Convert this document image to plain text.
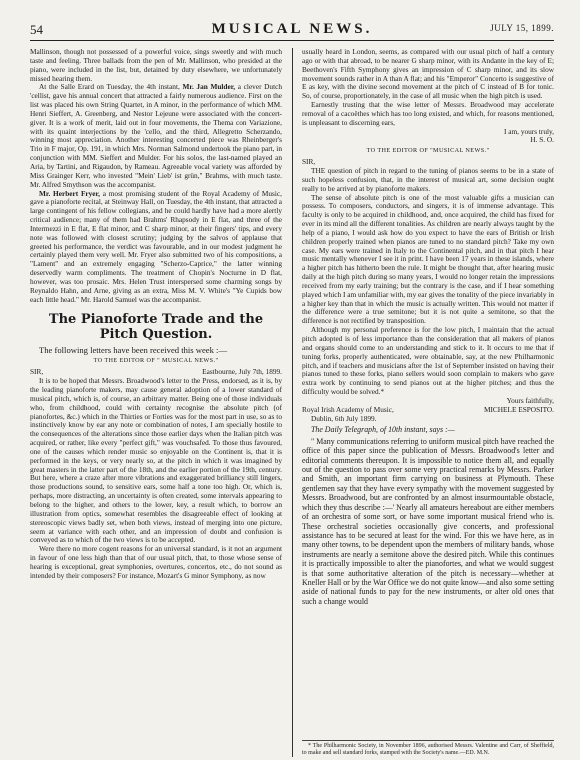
54	MUSICAL NEWS.	JULY 15, 1899.

Mallinson, though not possessed of a powerful voice, sings sweetly and with much taste and feeling. Three ballads from the pen of Mr. Mallinson, who presided at the piano, were included in the list, but, detained by duty elsewhere, we unfortunately missed hearing them.

At the Salle Erard on Tuesday, the 4th instant, Mr. Jan Mulder, a clever Dutch 'cellist, gave his annual concert that attracted a fairly numerous audience. First on the list was placed his own String Quartet, in A minor, in the performance of which MM. Henri Sieffert, A. Greenberg, and Nestor Lejeune were associated with the concert-giver. It is a work of merit, laid out in four movements, the Thema con Variazione, with its quaint interjections by the 'cello, and the third, Allegretto Scherzando, winning most appreciation. Another interesting concerted piece was Rheinberger's Trio in F major, Op. 191, in which Mrs. Norman Salmond undertook the piano part, in conjunction with MM. Sieffert and Mulder. For his solos, the last-named played an Aria, by Tartini, and Rigaudon, by Rameau. Agreeable vocal variety was afforded by Miss Grainger Kerr, who invested "Mein' Lieb' ist grün," Brahms, with much taste. Mr. Alfred Smythson was the accompanist.

Mr. Herbert Fryer, a most promising student of the Royal Academy of Music, gave a pianoforte recital, at Steinway Hall, on Tuesday, the 4th instant, that attracted a large contingent of his fellow collegians, and he could hardly have had a more alertly critical audience; many of them had Brahms' Rhapsody in E flat, and three of the Intermezzi in E flat, E flat minor, and C sharp minor, at their fingers' tips, and every note was followed with closest scrutiny; judging by the salvos of applause that greeted his performance, the verdict was favourable, and in our modest judgment he certainly played them very well. Mr. Fryer also submitted two of his compositions, a "Lament" and an extremely engaging "Scherzo-Caprice," the latter winning deservedly warm compliments. The treatment of Chopin's Nocturne in D flat, however, was too prosaic. Mrs. Helen Trust interspersed some charming songs by Reynaldo Hahn, and Arne, giving as an extra, Miss M. V. White's "Ye Cupids bow each little head." Mr. Harold Samuel was the accompanist.

The Pianoforte Trade and the Pitch Question.

The following letters have been received this week :—

TO THE EDITOR OF " MUSICAL NEWS."
SIR,	Eastbourne, July 7th, 1899.

It is to be hoped that Messrs. Broadwood's letter to the Press, endorsed, as it is, by the leading pianoforte makers, may cause general adoption of a lower standard of musical pitch, which is, of course, an arbitrary matter. Being one of those individuals who, from childhood, could with certainty recognise the absolute pitch (of pianofortes, &c.) which in the Thirties or Forties was for the most part in use, so as to instinctively know by ear any note or combination of notes, I am specially hostile to the consequences of the alterations since those earlier days when the Italian pitch was acquired, or rather, like every "perfect gift," was vouchsafed. To those thus favoured, one of the causes which render music so enjoyable on the Continent is, that it is performed in the keys, or very nearly so, at the pitch in which it was imagined by great masters in the latter part of the 18th, and the earlier portion of the 19th, century. But here, where a craze after more vibrations and exaggerated brilliancy still lingers, those productions sound, to sensitive ears, some half a tone too high. Or, which is, perhaps, more distracting, an uncertainty is often created, some intervals appearing to belong to the higher, and others to the lower, key, a result which, to borrow an illustration from optics, somewhat resembles the disagreeable effect of looking at stereoscopic views badly set, when both views, instead of merging into one picture, seem at variance with each other, and an impression of doubt and confusion is conveyed as to which of the two views is to be accepted.

Were there no more cogent reasons for an universal standard, is it not an argument in favour of one less high than that of our usual pitch, that, to those whose sense of hearing is exceptional, great symphonies, overtures, concertos, etc., do not sound as intended by their composers? For instance, Mozart's G minor Symphony, as now

usually heard in London, seems, as compared with our usual pitch of half a century ago or with that abroad, to be nearer G sharp minor, with its Andante in the key of E; Beethoven's Fifth Symphony gives an impression of C sharp minor, and its slow movement sounds rather in A than A flat; and his "Emperor" Concerto is suggestive of E as key, with the divine second movement at the pitch of C instead of B for tonic. So, of course, proportionately, in the case of all music when the high pitch is used.

Earnestly trusting that the wise letter of Messrs. Broadwood may accelerate removal of a cacoëthes which has too long existed, and which, for reasons mentioned, is unpleasant to discerning ears,

I am, yours truly,

H. S. O.

TO THE EDITOR OF "MUSICAL NEWS."

SIR,

THE question of pitch in regard to the tuning of pianos seems to be in a state of such hopeless confusion, that, in the interest of musical art, some decision ought really to be arrived at by pianoforte makers.

The sense of absolute pitch is one of the most valuable gifts a musician can possess. To composers, conductors, and singers, it is of immense advantage. This faculty is only to be acquired in childhood, and, once acquired, the child has fixed for ever in its mind all the different tonalities. As children are nearly always taught by the help of a piano, I would ask how do you expect to have the ears of British or Irish children properly trained when pianos are tuned to no standard pitch? Take my own case. My ears were trained in Italy to the Continental pitch, and in that pitch I hear music mentally whenever I see it in print. I have been 17 years in these islands, where a higher pitch has hitherto been the rule. It might be thought that, after hearing music daily at the high pitch during so many years, I would no longer retain the impressions received from my early training; but the contrary is the case, and if I hear something played which I am unfamiliar with, my ear gives the tonality of the piece invariably in a higher key than that in which the music is actually written. This would not matter if the difference were a true semitone; but it is not quite a semitone, so that the difference is not rectified by transposition.

Although my personal preference is for the low pitch, I maintain that the actual pitch adopted is of less importance than the consideration that all makers of pianos and organs should come to an understanding and stick to it. It occurs to me that if tuning forks, properly authenticated, were obtainable, say, at the new Philharmonic pitch, and if teachers and musicians after the 1st of September insisted on having their pianos tuned to these forks, piano sellers would soon complain to makers who gave extra work by continuing to send pianos out at the higher pitches; and thus the difficulty would be solved.*

Yours faithfully,

Royal Irish Academy of Music,	MICHELE ESPOSITO.

Dublin, 6th July 1899.

The Daily Telegraph, of 10th instant, says :—

" Many communications referring to uniform musical pitch have reached the office of this paper since the publication of Messrs. Broadwood's letter and editorial comments thereupon. It is impossible to notice them all, and equally out of the question to pass over some very practical remarks by Messrs. Parker and Smith, an important firm carrying on business at Plymouth. These gentlemen say that they have every sympathy with the movement suggested by Messrs. Broadwood, but are confronted by an almost insurmountable obstacle, which they thus describe :—' Nearly all amateurs hereabout are either members of an orchestra of some sort, or have some important musical friend who is. These orchestral societies occasionally give concerts, and professional assistance has to be secured at least for the wind. For this we have here, as in many other towns, to be dependent upon the members of military bands, whose instruments are nearly a semitone above the desired pitch. While this continues it is practically impossible to alter the pianofortes, and what we would suggest is that some authoritative alteration of the pitch is necessary—whether at Kneller Hall or by the War Office we do not quite know—and also some setting aside of national funds to pay for the new instruments, or alter old ones that such a change would

* The Philharmonic Society, in November 1896, authorised Messrs. Valentine and Carr, of Sheffield, to make and sell standard forks, stamped with the Society's name.—ED. M.N.
